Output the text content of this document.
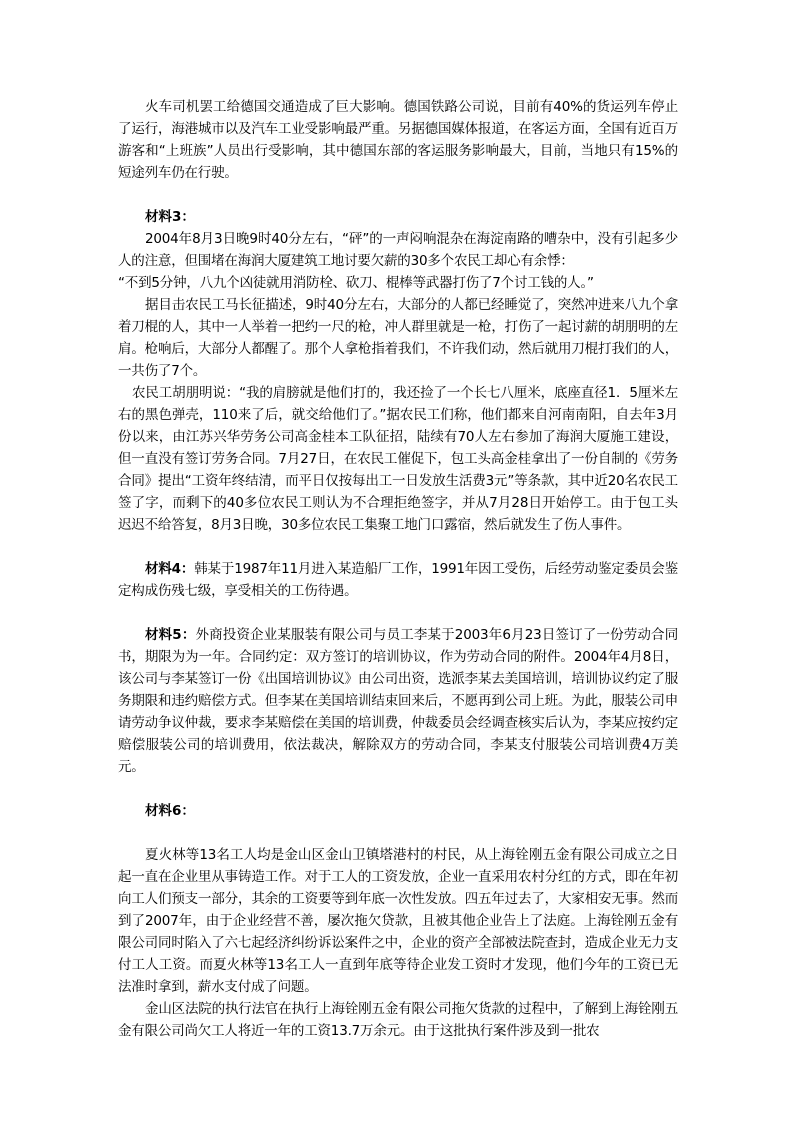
火车司机罢工给德国交通造成了巨大影响。德国铁路公司说，目前有40%的货运列车停止了运行，海港城市以及汽车工业受影响最严重。另据德国媒体报道，在客运方面，全国有近百万游客和“上班族”人员出行受影响，其中德国东部的客运服务影响最大，目前，当地只有15%的短途列车仍在行驶。

材料3：

2004年8月3日晚9时40分左右，“砰”的一声闷响混杂在海淀南路的嘈杂中，没有引起多少人的注意，但围堵在海润大厦建筑工地讨要欠薪的30多个农民工却心有余悸：

“不到5分钟，八九个凶徒就用消防栓、砍刀、棍棒等武器打伤了7个讨工钱的人。”

据目击农民工马长征描述，9时40分左右，大部分的人都已经睡觉了，突然冲进来八九个拿着刀棍的人，其中一人举着一把约一尺的枪，冲人群里就是一枪，打伤了一起讨薪的胡朋明的左肩。枪响后，大部分人都醒了。那个人拿枪指着我们，不许我们动，然后就用刀棍打我们的人，一共伤了7个。

农民工胡朋明说：“我的肩膀就是他们打的，我还捡了一个长七八厘米，底座直径1．5厘米左右的黑色弹壳，110来了后，就交给他们了。”据农民工们称，他们都来自河南南阳，自去年3月份以来，由江苏兴华劳务公司高金桂本工队征招，陆续有70人左右参加了海润大厦施工建设，但一直没有签订劳务合同。7月27日，在农民工催促下，包工头高金桂拿出了一份自制的《劳务合同》提出“工资年终结清，而平日仅按每出工一日发放生活费3元”等条款，其中近20名农民工签了字，而剩下的40多位农民工则认为不合理拒绝签字，并从7月28日开始停工。由于包工头迟迟不给答复，8月3日晚，30多位农民工集聚工地门口露宿，然后就发生了伤人事件。

材料4：韩某于1987年11月进入某造船厂工作，1991年因工受伤，后经劳动鉴定委员会鉴定构成伤残七级，享受相关的工伤待遇。

材料5：外商投资企业某服装有限公司与员工李某于2003年6月23日签订了一份劳动合同书，期限为为一年。合同约定：双方签订的培训协议，作为劳动合同的附件。2004年4月8日，该公司与李某签订一份《出国培训协议》由公司出资，选派李某去美国培训，培训协议约定了服务期限和违约赔偿方式。但李某在美国培训结束回来后，不愿再到公司上班。为此，服装公司申请劳动争议仲裁，要求李某赔偿在美国的培训费，仲裁委员会经调查核实后认为，李某应按约定赔偿服装公司的培训费用，依法裁决，解除双方的劳动合同，李某支付服装公司培训费4万美元。

材料6：

夏火林等13名工人均是金山区金山卫镇塔港村的村民，从上海铨刚五金有限公司成立之日起一直在企业里从事铸造工作。对于工人的工资发放，企业一直采用农村分红的方式，即在年初向工人们预支一部分，其余的工资要等到年底一次性发放。四五年过去了，大家相安无事。然而到了2007年，由于企业经营不善，屡次拖欠贷款，且被其他企业告上了法庭。上海铨刚五金有限公司同时陷入了六七起经济纠纷诉讼案件之中，企业的资产全部被法院查封，造成企业无力支付工人工资。而夏火林等13名工人一直到年底等待企业发工资时才发现，他们今年的工资已无法准时拿到，薪水支付成了问题。

金山区法院的执行法官在执行上海铨刚五金有限公司拖欠货款的过程中，了解到上海铨刚五金有限公司尚欠工人将近一年的工资13.7万余元。由于这批执行案件涉及到一批农
